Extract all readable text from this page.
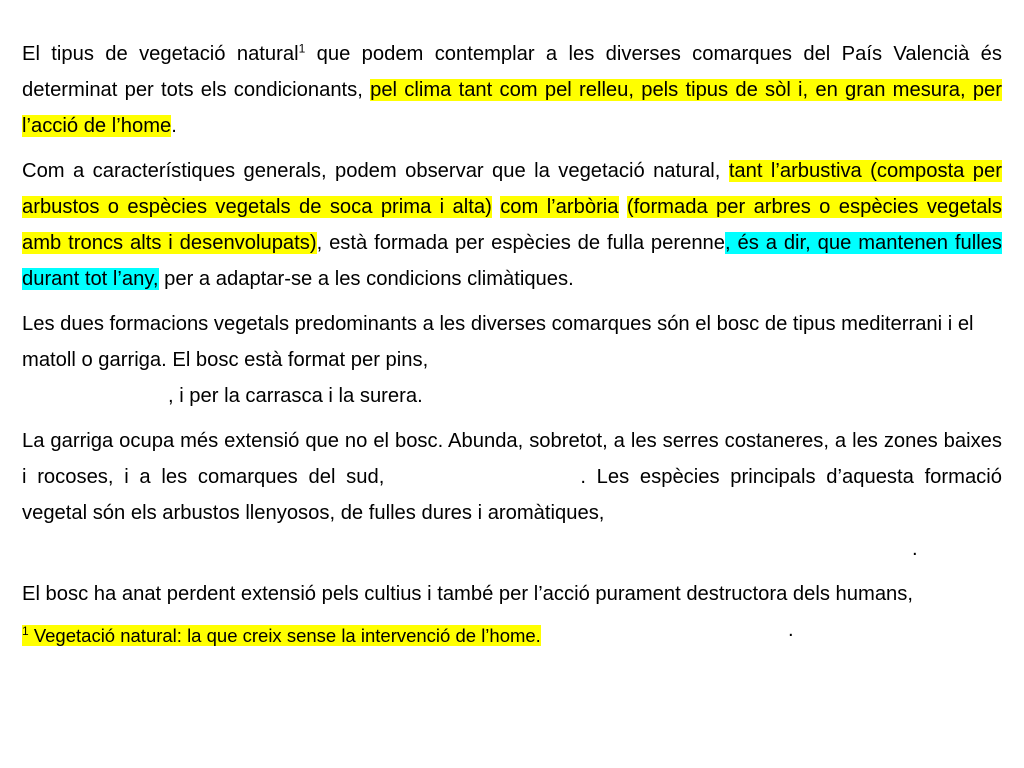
El tipus de vegetació natural$^1$ que podem contemplar a les diverses comarques del País Valencià és determinat per tots els condicionants, pel clima tant com pel relleu, pels tipus de sòl i, en gran mesura, per l’acció de l’home.

Com a característiques generals, podem observar que la vegetació natural, tant l’arbustiva (composta per arbustos o espècies vegetals de soca prima i alta) com l’arbòria (formada per arbres o espècies vegetals amb troncs alts i desenvolupats), està formada per espècies de fulla perenne, és a dir, que mantenen fulles durant tot l’any, per a adaptar-se a les condicions climàtiques.

Les dues formacions vegetals predominants a les diverses comarques són el bosc de tipus mediterrani i el matoll o garriga. El bosc està format per pins,
, i per la carrasca i la surera.

La garriga ocupa més extensió que no el bosc. Abunda, sobretot, a les serres costaneres, a les zones baixes i rocoses, i a les comarques del sud,	. Les espècies principals d’aquesta formació vegetal són els arbustos llenyosos, de fulles dures i aromàtiques,
.

El bosc ha anat perdent extensió pels cultius i també per l’acció purament destructora dels humans,
.

$^1$ Vegetació natural: la que creix sense la intervenció de l’home.
